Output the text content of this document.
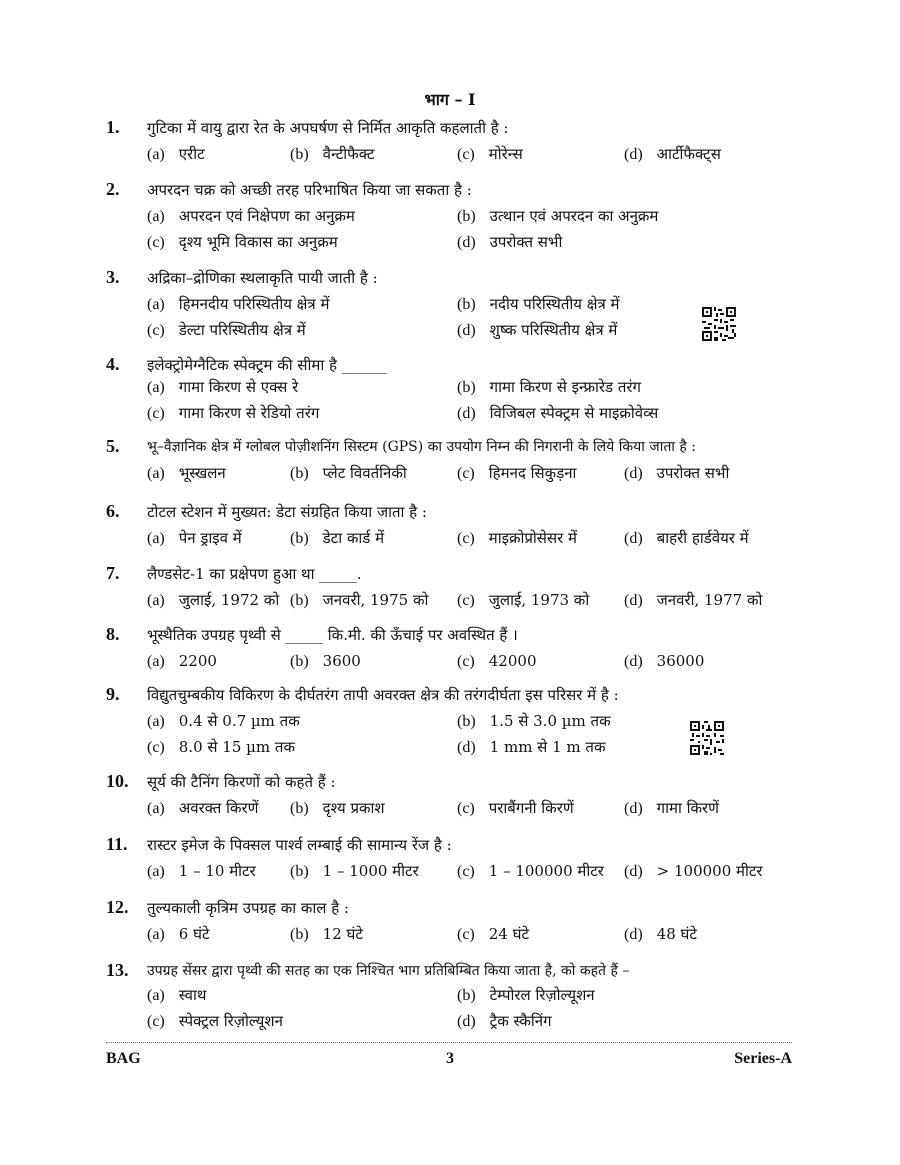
भाग – I
1. गुटिका में वायु द्वारा रेत के अपघर्षण से निर्मित आकृति कहलाती है :
(a) एरीट	(b) वैन्टीफैक्ट	(c) मोरेन्स	(d) आर्टीफैक्ट्स
2. अपरदन चक्र को अच्छी तरह परिभाषित किया जा सकता है :
(a) अपरदन एवं निक्षेपण का अनुक्रम	(b) उत्थान एवं अपरदन का अनुक्रम
(c) दृश्य भूमि विकास का अनुक्रम	(d) उपरोक्त सभी
3. अद्रिका–द्रोणिका स्थलाकृति पायी जाती है :
(a) हिमनदीय परिस्थितीय क्षेत्र में	(b) नदीय परिस्थितीय क्षेत्र में
(c) डेल्टा परिस्थितीय क्षेत्र में	(d) शुष्क परिस्थितीय क्षेत्र में
4. इलेक्ट्रोमेग्नैटिक स्पेक्ट्रम की सीमा है ______
(a) गामा किरण से एक्स रे	(b) गामा किरण से इन्फ्रारेड तरंग
(c) गामा किरण से रेडियो तरंग	(d) विजिबल स्पेक्ट्रम से माइक्रोवेव्स
5. भू–वैज्ञानिक क्षेत्र में ग्लोबल पोज़ीशनिंग सिस्टम (GPS) का उपयोग निम्न की निगरानी के लिये किया जाता है :
(a) भूस्खलन	(b) प्लेट विवर्तनिकी	(c) हिमनद सिकुड़ना	(d) उपरोक्त सभी
6. टोटल स्टेशन में मुख्यत: डेटा संग्रहित किया जाता है :
(a) पेन ड्राइव में	(b) डेटा कार्ड में	(c) माइक्रोप्रोसेसर में	(d) बाहरी हार्डवेयर में
7. लैण्डसेट-1 का प्रक्षेपण हुआ था _____.
(a) जुलाई, 1972 को (b) जनवरी, 1975 को (c) जुलाई, 1973 को (d) जनवरी, 1977 को
8. भूस्थैतिक उपग्रह पृथ्वी से _____ कि.मी. की ऊँचाई पर अवस्थित हैं ।
(a) 2200	(b) 3600	(c) 42000	(d) 36000
9. विद्युतचुम्बकीय विकिरण के दीर्घतरंग तापी अवरक्त क्षेत्र की तरंगदीर्घता इस परिसर में है :
(a) 0.4 से 0.7 µm तक	(b) 1.5 से 3.0 µm तक
(c) 8.0 से 15 µm तक	(d) 1 mm से 1 m तक
10. सूर्य की टैनिंग किरणों को कहते हैं :
(a) अवरक्त किरणें (b) दृश्य प्रकाश	(c) पराबैंगनी किरणें	(d) गामा किरणें
11. रास्टर इमेज के पिक्सल पार्श्व लम्बाई की सामान्य रेंज है :
(a) 1 – 10 मीटर (b) 1 – 1000 मीटर (c) 1 – 100000 मीटर (d) > 100000 मीटर
12. तुल्यकाली कृत्रिम उपग्रह का काल है :
(a) 6 घंटे	(b) 12 घंटे	(c) 24 घंटे	(d) 48 घंटे
13. उपग्रह सेंसर द्वारा पृथ्वी की सतह का एक निश्चित भाग प्रतिबिम्बित किया जाता है, को कहते हैं –
(a) स्वाथ	(b) टेम्पोरल रिज़ोल्यूशन
(c) स्पेक्ट्रल रिज़ोल्यूशन	(d) ट्रैक स्कैनिंग
BAG	3	Series-A
